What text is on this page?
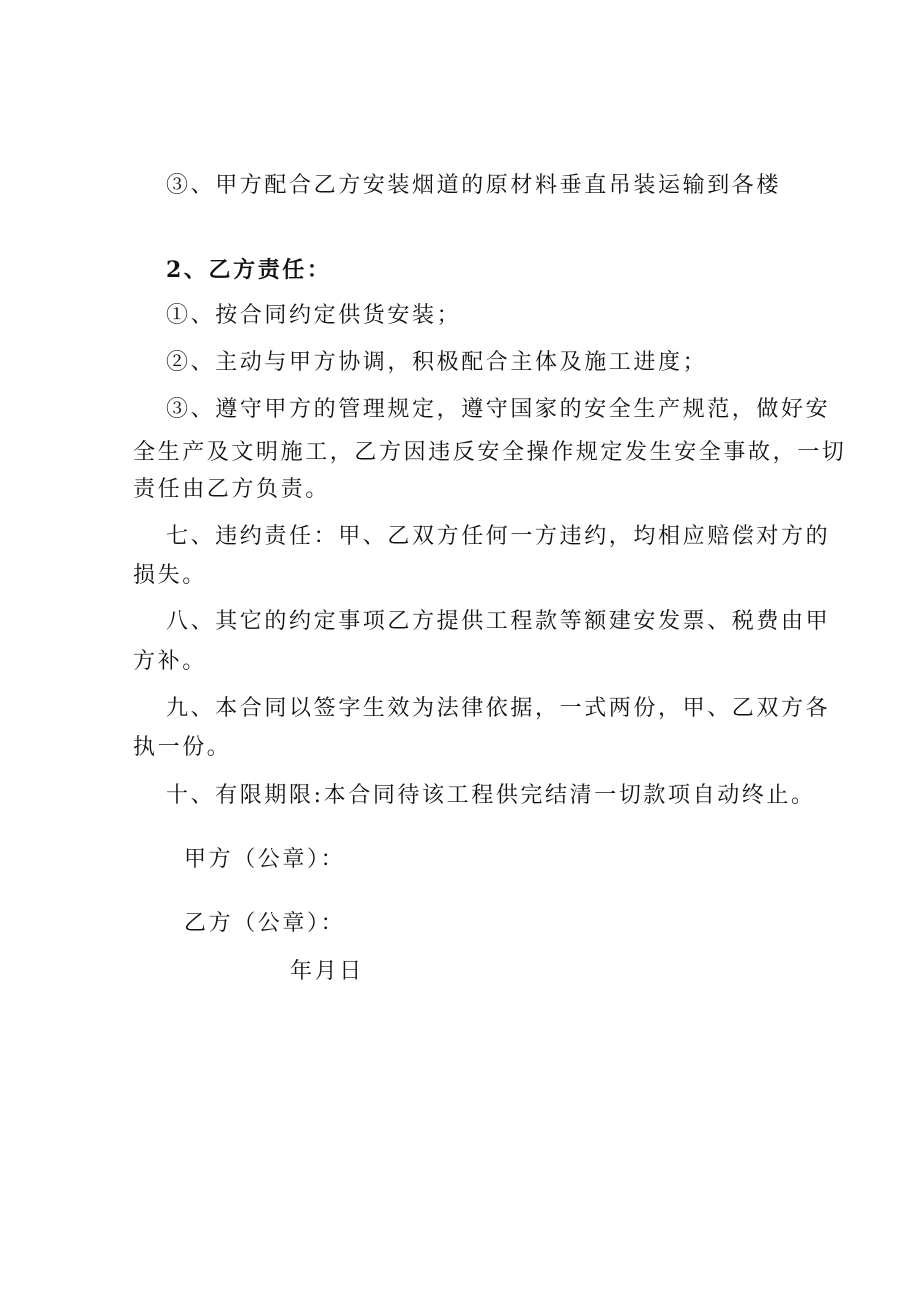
③、甲方配合乙方安装烟道的原材料垂直吊装运输到各楼

2、乙方责任：

①、按合同约定供货安装；

②、主动与甲方协调，积极配合主体及施工进度；

③、遵守甲方的管理规定，遵守国家的安全生产规范，做好安

全生产及文明施工，乙方因违反安全操作规定发生安全事故，一切

责任由乙方负责。

七、违约责任：甲、乙双方任何一方违约，均相应赔偿对方的

损失。

八、其它的约定事项乙方提供工程款等额建安发票、税费由甲

方补。

九、本合同以签字生效为法律依据，一式两份，甲、乙双方各

执一份。

十、有限期限:本合同待该工程供完结清一切款项自动终止。

甲方（公章）：

乙方（公章）：

年月日
